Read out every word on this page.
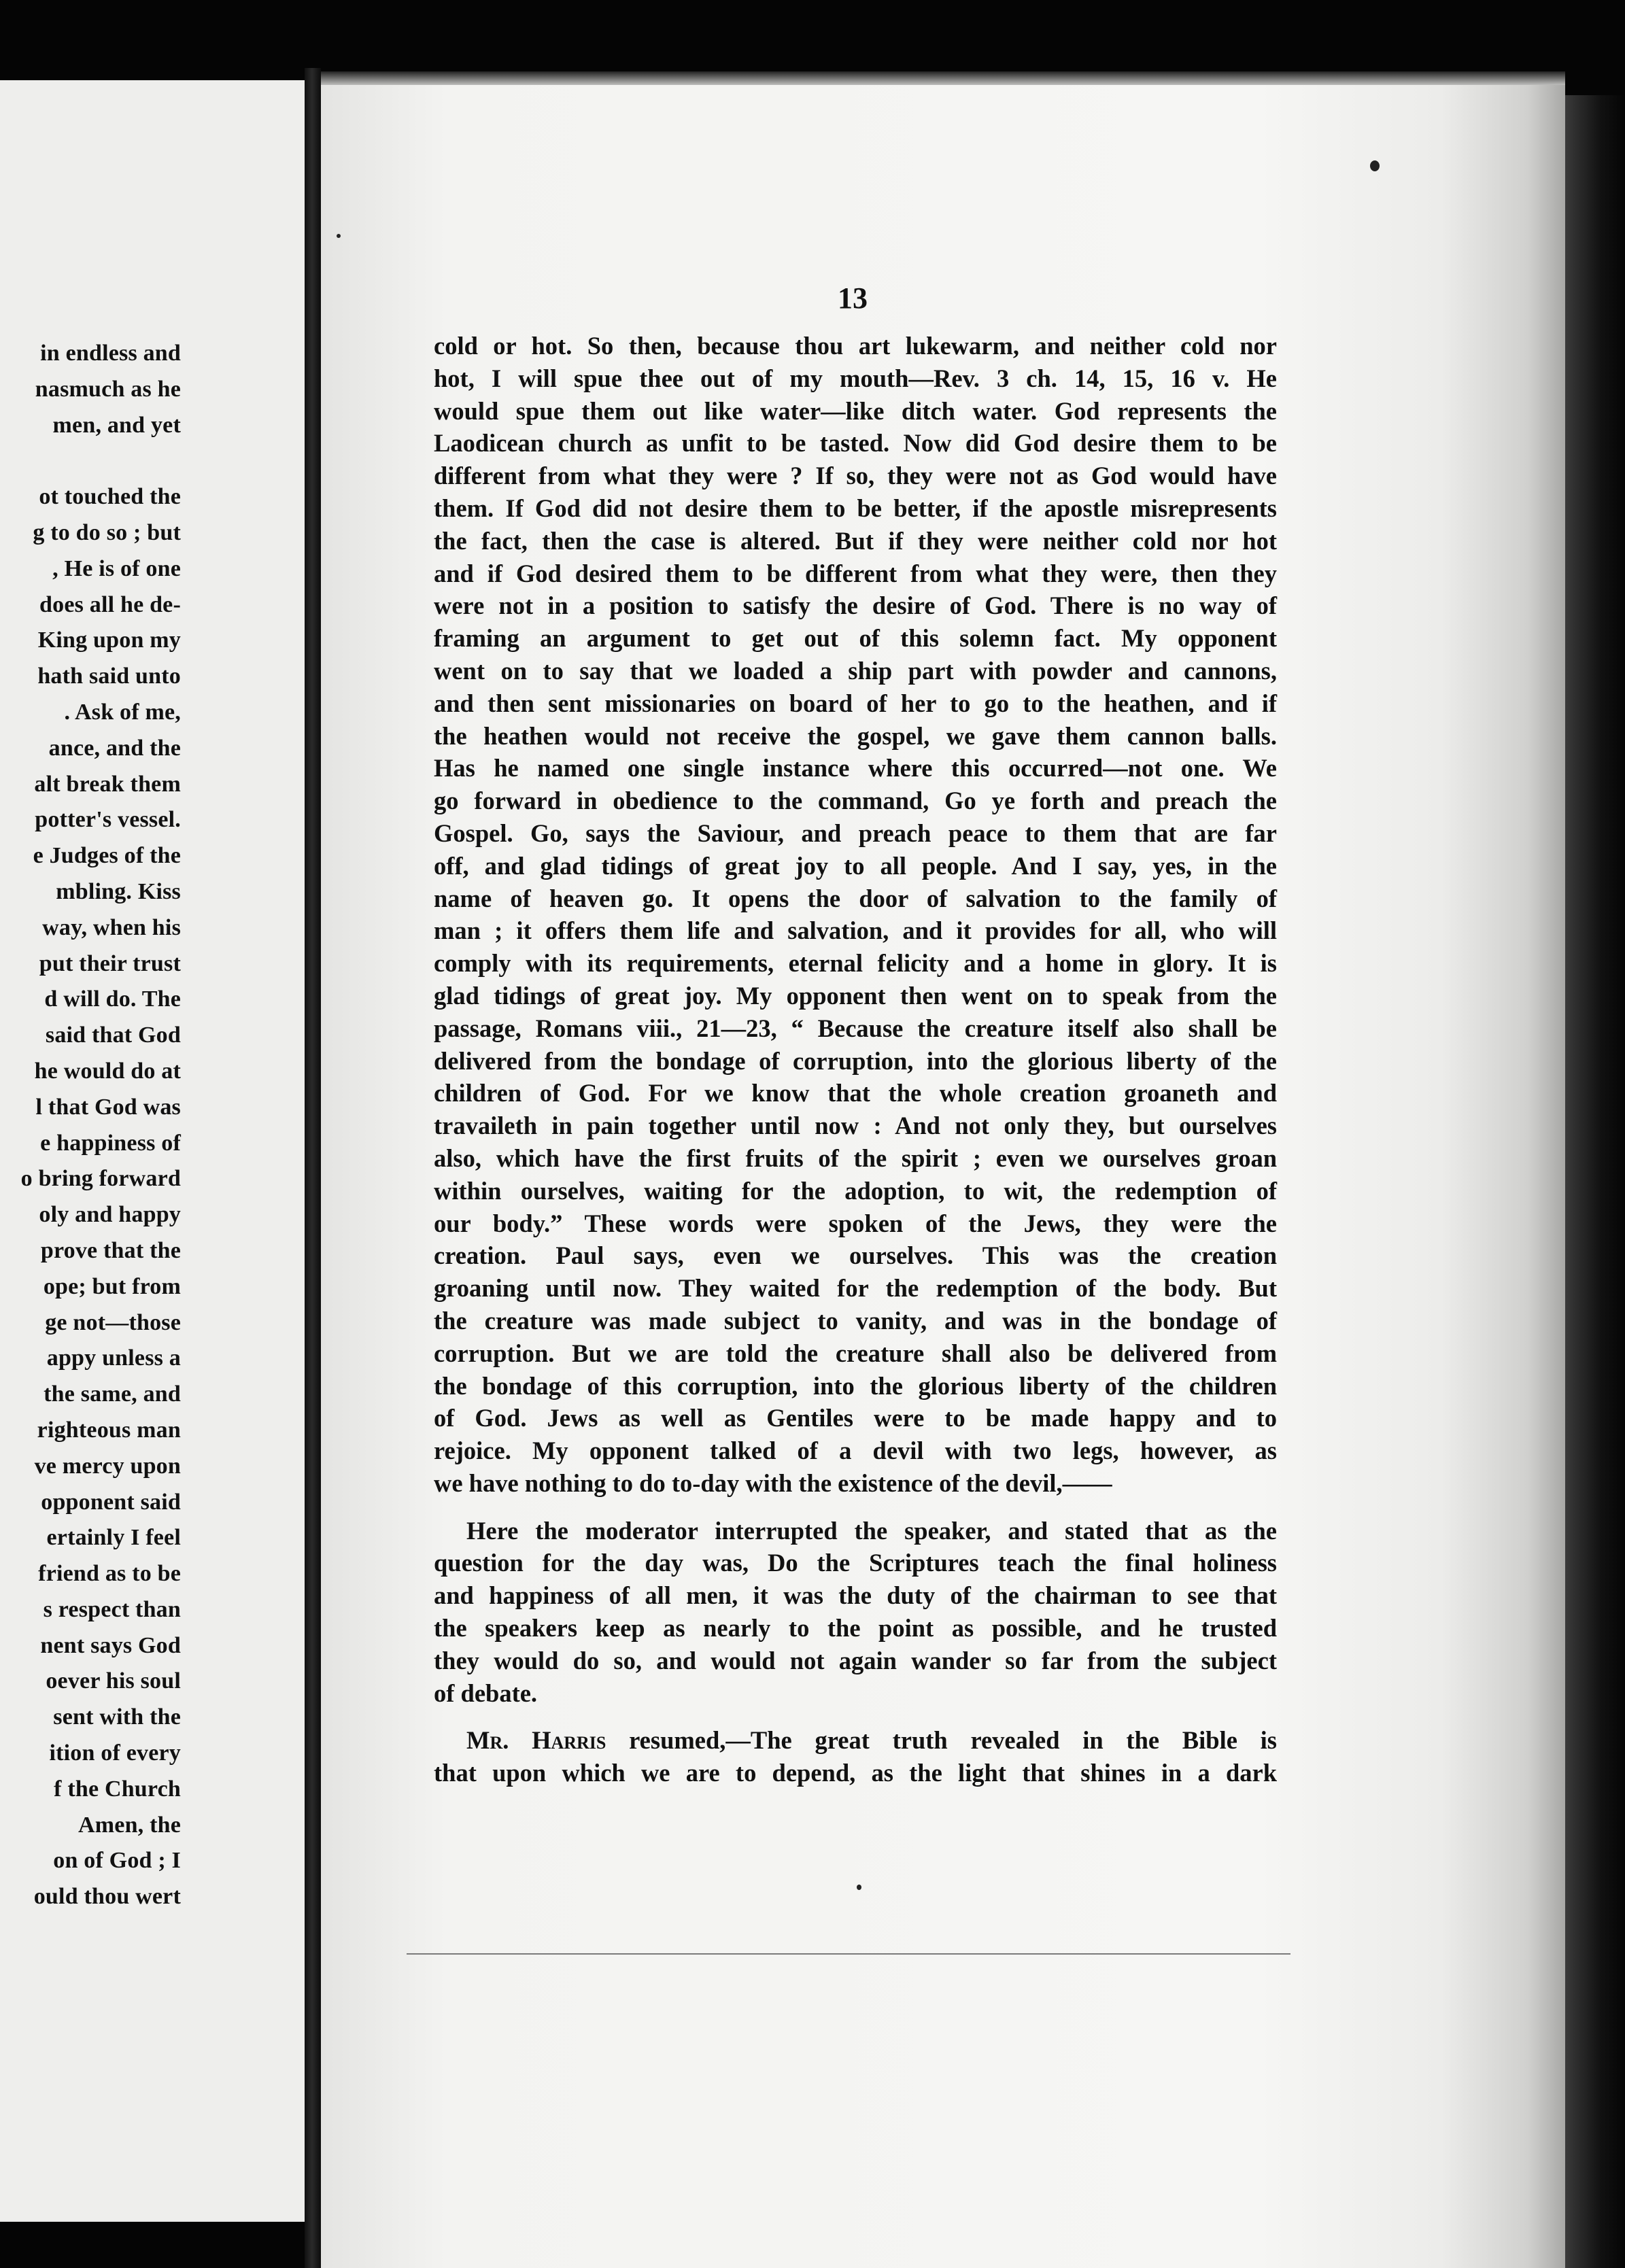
in endless and
nasmuch as he
men, and yet
ot touched the
g to do so ; but
, He is of one
does all he de-
King upon my
hath said unto
. Ask of me,
ance, and the
alt break them
potter's vessel.
e Judges of the
mbling. Kiss
way, when his
put their trust
d will do. The
said that God
he would do at
l that God was
e happiness of
o bring forward
oly and happy
prove that the
ope; but from
ge not—those
appy unless a
the same, and
righteous man
ve mercy upon
opponent said
ertainly I feel
friend as to be
s respect than
nent says God
oever his soul
sent with the
ition of every
f the Church
Amen, the
on of God ; I
ould thou wert
13
cold or hot. So then, because thou art lukewarm, and neither cold nor
hot, I will spue thee out of my mouth—Rev. 3 ch. 14, 15, 16 v. He
would spue them out like water—like ditch water. God represents the
Laodicean church as unfit to be tasted. Now did God desire them to be
different from what they were ? If so, they were not as God would have
them. If God did not desire them to be better, if the apostle misrepresents
the fact, then the case is altered. But if they were neither cold nor hot
and if God desired them to be different from what they were, then they
were not in a position to satisfy the desire of God. There is no way of
framing an argument to get out of this solemn fact. My opponent
went on to say that we loaded a ship part with powder and cannons,
and then sent missionaries on board of her to go to the heathen, and if
the heathen would not receive the gospel, we gave them cannon balls.
Has he named one single instance where this occurred—not one. We
go forward in obedience to the command, Go ye forth and preach the
Gospel. Go, says the Saviour, and preach peace to them that are far
off, and glad tidings of great joy to all people. And I say, yes, in the
name of heaven go. It opens the door of salvation to the family of
man ; it offers them life and salvation, and it provides for all, who will
comply with its requirements, eternal felicity and a home in glory. It is
glad tidings of great joy. My opponent then went on to speak from the
passage, Romans viii., 21—23, “ Because the creature itself also shall be
delivered from the bondage of corruption, into the glorious liberty of the
children of God. For we know that the whole creation groaneth and
travaileth in pain together until now : And not only they, but ourselves
also, which have the first fruits of the spirit ; even we ourselves groan
within ourselves, waiting for the adoption, to wit, the redemption of
our body.” These words were spoken of the Jews, they were the
creation. Paul says, even we ourselves. This was the creation
groaning until now. They waited for the redemption of the body. But
the creature was made subject to vanity, and was in the bondage of
corruption. But we are told the creature shall also be delivered from
the bondage of this corruption, into the glorious liberty of the children
of God. Jews as well as Gentiles were to be made happy and to
rejoice. My opponent talked of a devil with two legs, however, as
we have nothing to do to-day with the existence of the devil,——
Here the moderator interrupted the speaker, and stated that as the
question for the day was, Do the Scriptures teach the final holiness
and happiness of all men, it was the duty of the chairman to see that
the speakers keep as nearly to the point as possible, and he trusted
they would do so, and would not again wander so far from the subject
of debate.
Mr. Harris resumed,—The great truth revealed in the Bible is
that upon which we are to depend, as the light that shines in a dark
